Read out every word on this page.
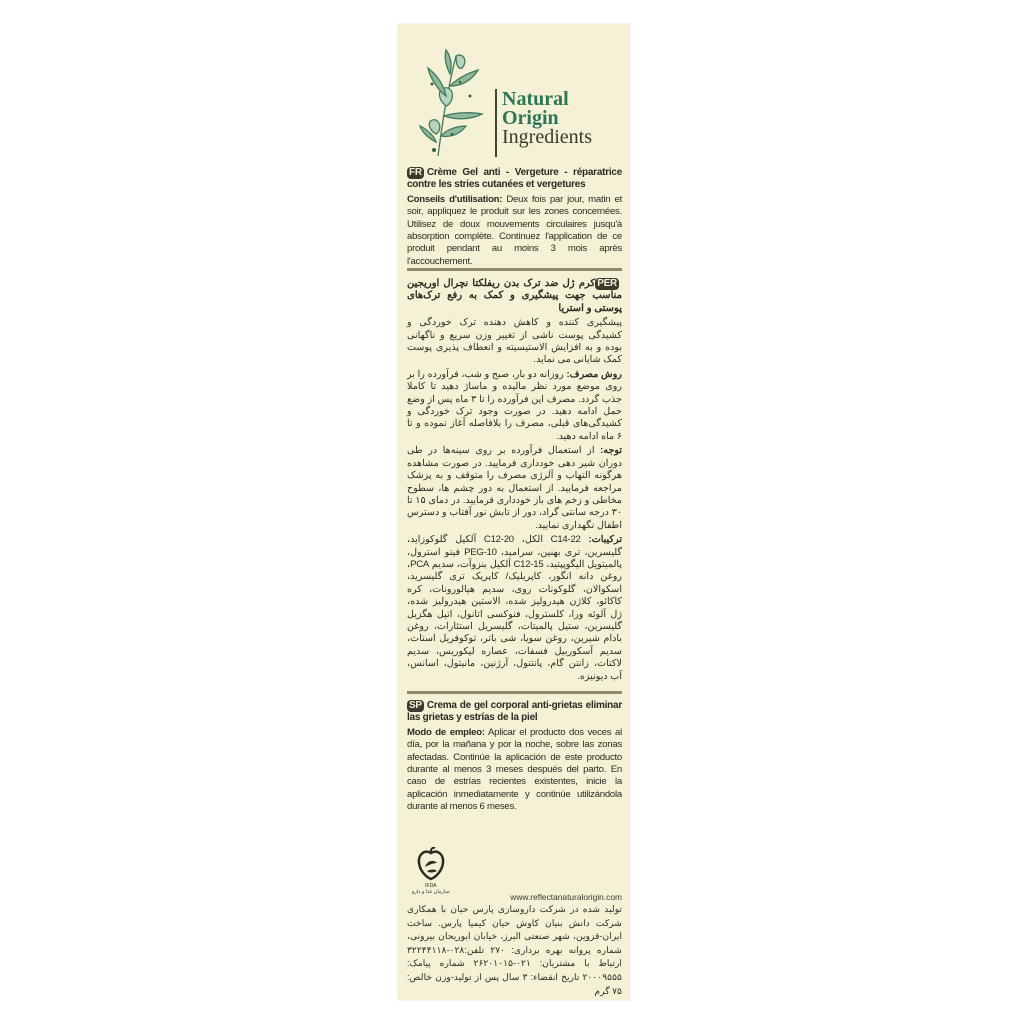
Natural
Origin
Ingredients

FR Crème Gel anti - Vergeture - réparatrice contre les stries cutanées et vergetures

Conseils d'utilisation: Deux fois par jour, matin et soir, appliquez le produit sur les zones concernées. Utilisez de doux mouvements circulaires jusqu'à absorption complète. Continuez l'application de ce produit pendant au moins 3 mois après l'accouchement.

PERکرم ژل ضد ترک بدن ریفلکتا نچرال اوریجین مناسب جهت پیشگیری و کمک به رفع ترک‌های پوستی و استریا

پیشگیری کننده و کاهش دهنده ترک خوردگی و کشیدگی پوست ناشی از تغییر وزن سریع و ناگهانی بوده و به افزایش الاستیسیته و انعطاف پذیری پوست کمک شایانی می نماید.

روش مصرف: روزانه دو بار، صبح و شب، فرآورده را بر روی موضع مورد نظر مالیده و ماساژ دهید تا کاملا جذب گردد. مصرف این فرآورده را تا ۳ ماه پس از وضع حمل ادامه دهید. در صورت وجود ترک خوردگی و کشیدگی‌های قبلی، مصرف را بلافاصله آغاز نموده و تا ۶ ماه ادامه دهید.

توجه: از استعمال فرآورده بر روی سینه‌ها در طی دوران شیر دهی خودداری فرمایید. در صورت مشاهده هرگونه التهاب و آلرژی مصرف را متوقف و به پزشک مراجعه فرمایید. از استعمال به دور چشم ها، سطوح مخاطی و زخم های باز خودداری فرمایید. در دمای ۱۵ تا ۳۰ درجه سانتی گراد، دور از تابش نور آفتاب و دسترس اطفال نگهداری نمایید.

ترکیبات: C14-22 الکل، C12-20 آلکیل گلوکوزاید، گلیسرین، تری بهنین، سرامید، PEG-10 فیتو استرول، پالمیتویل الیگوپپتید، C12-15 آلکیل بنزوآت، سدیم PCA، روغن دانه انگور، کاپریلیک/ کاپریک تری گلیسرید، اسکوالان، گلوکونات روی، سدیم هیالورونات، کره کاکائو، کلاژن هیدرولیز شده، الاستین هیدرولیز شده، ژل آلوئه ورا، کلسترول، فنوکسی اتانول، اتیل هگزیل گلیسرین، ستیل پالمیتات، گلیسریل استئارات، روغن بادام شیرین، روغن سویا، شی باتر، توکوفریل استات، سدیم آسکوربیل فسفات، عصاره لیکوریس، سدیم لاکتات، زانتن گام، پانتنول، آرژنین، مانیتول، اسانس، آب دیونیزه.

SP Crema de gel corporal anti-grietas eliminar las grietas y estrías de la piel

Modo de empleo: Aplicar el producto dos veces al día, por la mañana y por la noche, sobre las zonas afectadas. Continúe la aplicación de este producto durante al menos 3 meses después del parto. En caso de estrías recientes existentes, inicie la aplicación inmediatamente y continúe utilizándola durante al menos 6 meses.

IFDA
سازمان غذا و دارو	www.reflectanaturalorigin.com
تولید شده در شرکت داروسازی پارس حیان با همکاری شرکت دانش بنیان کاوش حیان کیمیا پارس. ساخت ایران-قزوین، شهر صنعتی البرز، خیابان ابوریحان بیرونی، شماره پروانه بهره برداری: ۲۷۰ تلفن:۰۲۸-۳۲۲۴۴۱۱۸ ارتباط با مشتریان: ۰۲۱-۲۶۲۰۱۰۱۵ شماره پیامک: ۲۰۰۰۹۵۵۵ تاریخ انقضاء: ۳ سال پس از تولید-وزن خالص: ۷۵ گرم
